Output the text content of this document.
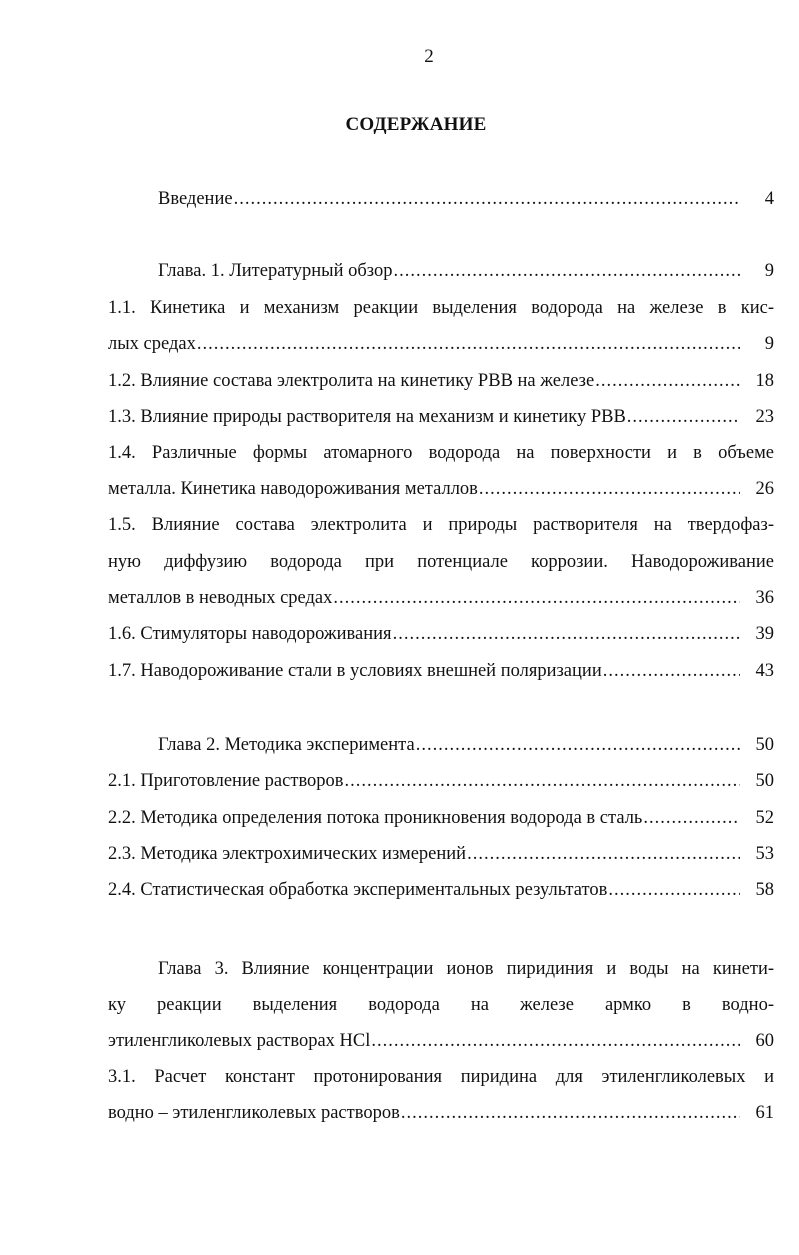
2
СОДЕРЖАНИЕ
Введение .....	4
Глава. 1. Литературный обзор .....	9
1.1. Кинетика и механизм реакции выделения водорода на железе в кис-
лых средах .....	9
1.2. Влияние состава электролита на кинетику РВВ на железе .....	18
1.3. Влияние природы растворителя на механизм и кинетику РВВ .....	23
1.4. Различные формы атомарного водорода на поверхности и в объеме
металла. Кинетика наводороживания металлов .....	26
1.5. Влияние состава электролита и природы растворителя на твердофаз-
ную диффузию водорода при потенциале коррозии. Наводороживание
металлов в неводных средах .....	36
1.6. Стимуляторы наводороживания .....	39
1.7. Наводороживание стали в условиях внешней поляризации .....	43
Глава 2. Методика эксперимента .....	50
2.1. Приготовление растворов .....	50
2.2. Методика определения потока проникновения водорода в сталь .....	52
2.3. Методика электрохимических измерений .....	53
2.4. Статистическая обработка экспериментальных результатов .....	58
Глава 3. Влияние концентрации ионов пиридиния и воды на кинети-
ку реакции выделения водорода на железе армко в водно-
этиленгликолевых растворах HCl .....	60
3.1. Расчет констант протонирования пиридина для этиленгликолевых и
водно – этиленгликолевых растворов .....	61
